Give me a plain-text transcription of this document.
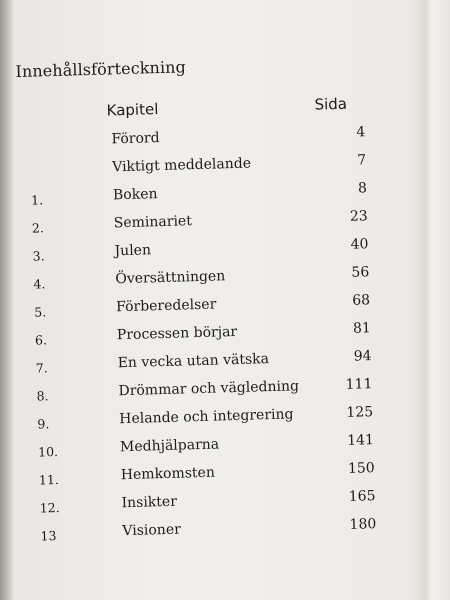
Innehållsförteckning
Kapitel	Sida
Förord	4
Viktigt meddelande	7
1.	Boken	8
2.	Seminariet	23
3.	Julen	40
4.	Översättningen	56
5.	Förberedelser	68
6.	Processen börjar	81
7.	En vecka utan vätska	94
8.	Drömmar och vägledning	111
9.	Helande och integrering	125
10.	Medhjälparna	141
11.	Hemkomsten	150
12.	Insikter	165
13	Visioner	180
